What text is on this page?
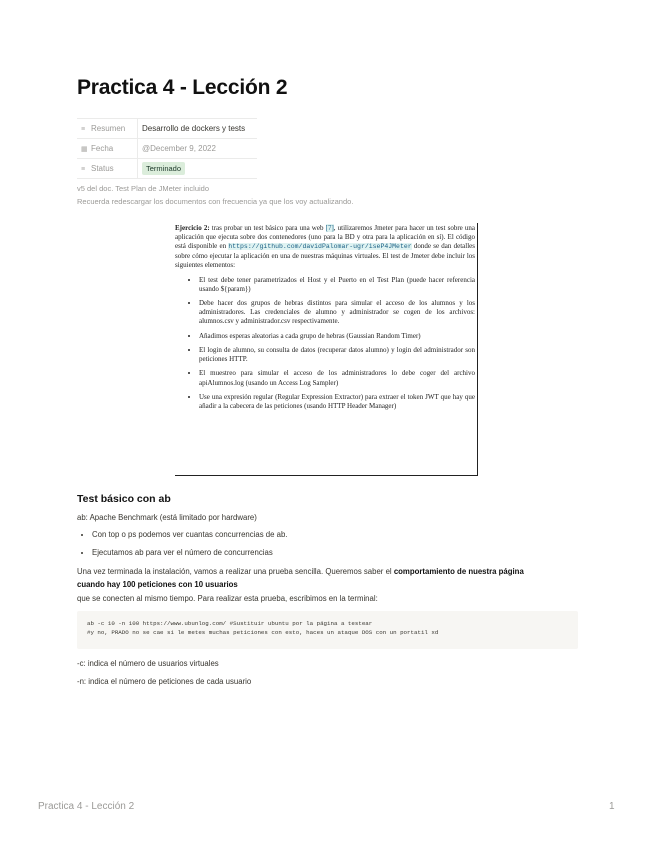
Practica 4 - Lección 2
≡ Resumen	Desarrollo de dockers y tests
▦ Fecha	@December 9, 2022
≡ Status	Terminado

v5 del doc. Test Plan de JMeter incluido

Recuerda redescargar los documentos con frecuencia ya que los voy actualizando.

Ejercicio 2: tras probar un test básico para una web [7], utilizaremos Jmeter para hacer un test sobre una aplicación que ejecuta sobre dos contenedores (uno para la BD y otra para la aplicación en sí). El código está disponible en https://github.com/davidPalomar-ugr/iseP4JMeter donde se dan detalles sobre cómo ejecutar la aplicación en una de nuestras máquinas virtuales. El test de Jmeter debe incluir los siguientes elementos:

• El test debe tener parametrizados el Host y el Puerto en el Test Plan (puede hacer referencia usando ${param})
• Debe hacer dos grupos de hebras distintos para simular el acceso de los alumnos y los administradores. Las credenciales de alumno y administrador se cogen de los archivos: alumnos.csv y administrador.csv respectivamente.
• Añadimos esperas aleatorias a cada grupo de hebras (Gaussian Random Timer)
• El login de alumno, su consulta de datos (recuperar datos alumno) y login del administrador son peticiones HTTP.
• El muestreo para simular el acceso de los administradores lo debe coger del archivo apiAlumnos.log (usando un Access Log Sampler)
• Use una expresión regular (Regular Expression Extractor) para extraer el token JWT que hay que añadir a la cabecera de las peticiones (usando HTTP Header Manager)
Test básico con ab

ab: Apache Benchmark (está limitado por hardware)

• Con top o ps podemos ver cuantas concurrencias de ab.
• Ejecutamos ab para ver el número de concurrencias

Una vez terminada la instalación, vamos a realizar una prueba sencilla. Queremos saber el comportamiento de nuestra página

cuando hay 100 peticiones con 10 usuarios

que se conecten al mismo tiempo. Para realizar esta prueba, escribimos en la terminal:

ab -c 10 -n 100 https://www.ubunlog.com/ #Sustituir ubuntu por la página a testear
#y no, PRADO no se cae si le metes muchas peticiones con esto, haces un ataque DOS con un portatil xd

-c: indica el número de usuarios virtuales

-n: indica el número de peticiones de cada usuario

Practica 4 - Lección 2	1
